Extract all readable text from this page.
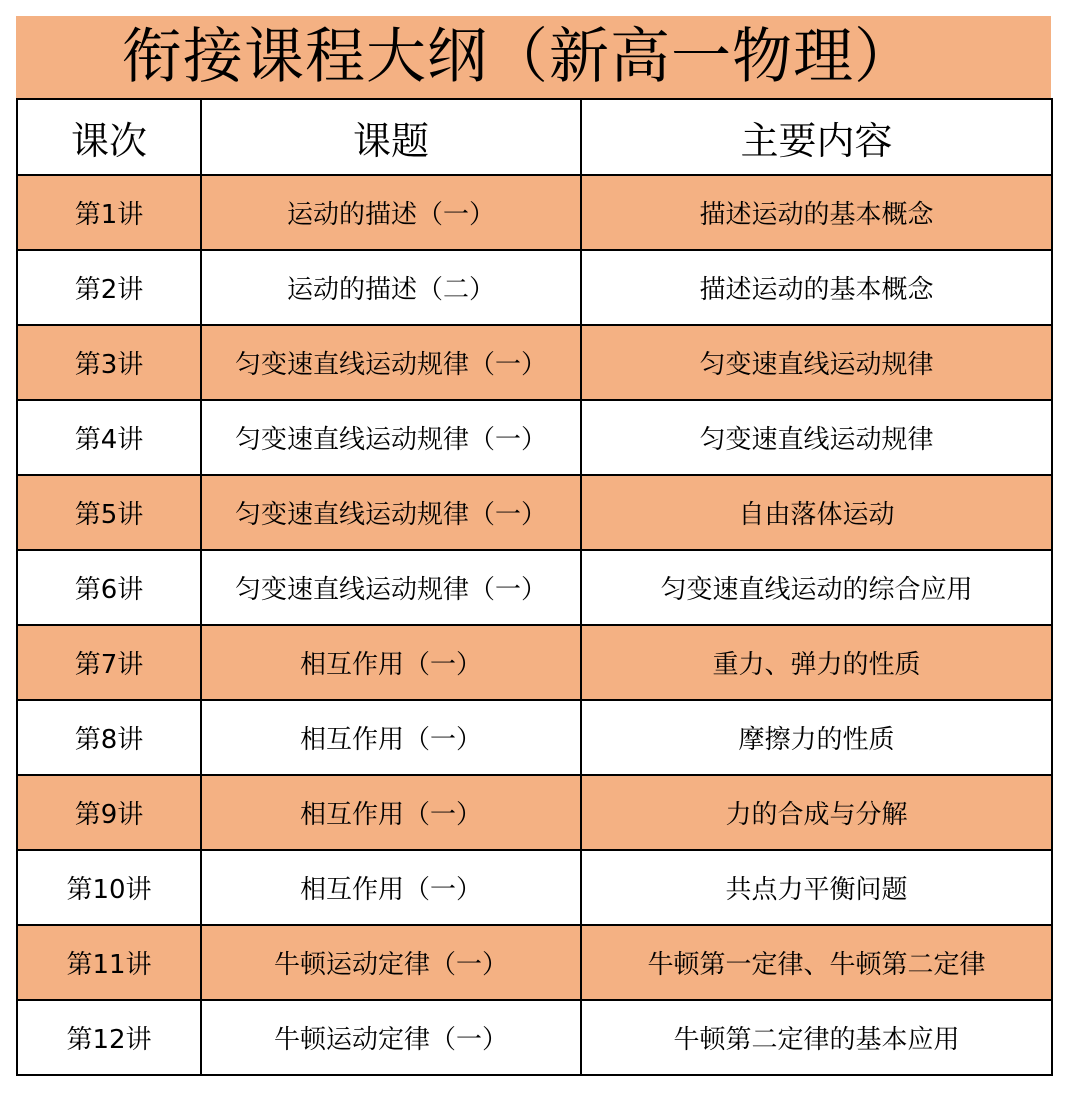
衔接课程大纲（新高一物理）
课次	课题	主要内容
第1讲	运动的描述（一）	描述运动的基本概念
第2讲	运动的描述（二）	描述运动的基本概念
第3讲	匀变速直线运动规律（一）	匀变速直线运动规律
第4讲	匀变速直线运动规律（一）	匀变速直线运动规律
第5讲	匀变速直线运动规律（一）	自由落体运动
第6讲	匀变速直线运动规律（一）	匀变速直线运动的综合应用
第7讲	相互作用（一）	重力、弹力的性质
第8讲	相互作用（一）	摩擦力的性质
第9讲	相互作用（一）	力的合成与分解
第10讲	相互作用（一）	共点力平衡问题
第11讲	牛顿运动定律（一）	牛顿第一定律、牛顿第二定律
第12讲	牛顿运动定律（一）	牛顿第二定律的基本应用
